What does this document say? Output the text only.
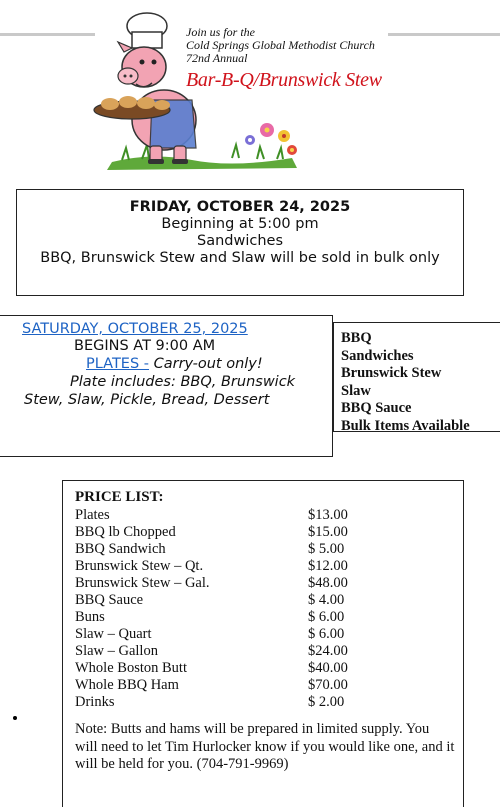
Join us for the
Cold Springs Global Methodist Church
72nd Annual
Bar-B-Q/Brunswick Stew
FRIDAY, OCTOBER 24, 2025
Beginning at 5:00 pm
Sandwiches
BBQ, Brunswick Stew and Slaw will be sold in bulk only
SATURDAY, OCTOBER 25, 2025
BEGINS AT 9:00 AM
PLATES - Carry-out only!
Plate includes: BBQ, Brunswick
Stew, Slaw, Pickle, Bread, Dessert
BBQ
Sandwiches
Brunswick Stew
Slaw
BBQ Sauce
Bulk Items Available
PRICE LIST:
Plates	$13.00
BBQ lb Chopped	$15.00
BBQ Sandwich	$ 5.00
Brunswick Stew – Qt.	$12.00
Brunswick Stew – Gal.	$48.00
BBQ Sauce	$ 4.00
Buns	$ 6.00
Slaw – Quart	$ 6.00
Slaw – Gallon	$24.00
Whole Boston Butt	$40.00
Whole BBQ Ham	$70.00
Drinks	$ 2.00
Note: Butts and hams will be prepared in limited supply. You will need to let Tim Hurlocker know if you would like one, and it will be held for you. (704-791-9969)
